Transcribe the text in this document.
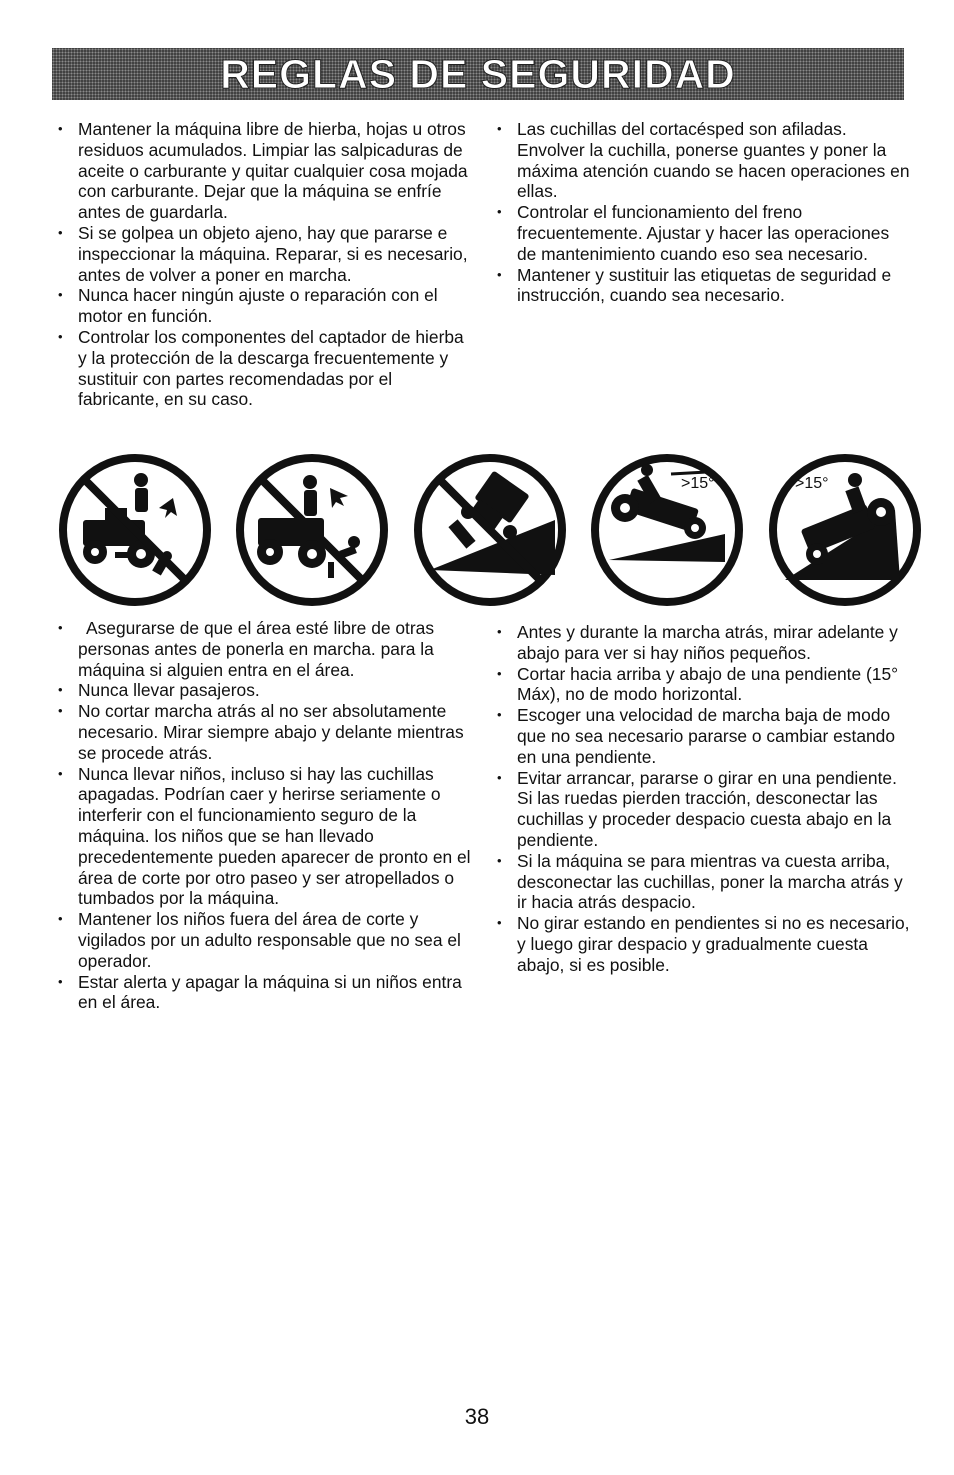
REGLAS DE SEGURIDAD
• Mantener la máquina libre de hierba, hojas u otros residuos acumulados. Limpiar las salpicaduras de aceite o carburante y quitar cualquier cosa mojada con carburante. Dejar que la máquina se enfríe antes de guardarla.
• Si se golpea un objeto ajeno, hay que pararse e inspeccionar la máquina. Reparar, si es necesario, antes de volver a poner en marcha.
• Nunca hacer ningún ajuste o reparación con el motor en función.
• Controlar los componentes del captador de hierba y la protección de la descarga frecuentemente y sustituir con partes recomendadas por el fabricante, en su caso.
• Las cuchillas del cortacésped son afiladas. Envolver la cuchilla, ponerse guantes y poner la máxima atención cuando se hacen operaciones en ellas.
• Controlar el funcionamiento del freno frecuentemente. Ajustar y hacer las operaciones de mantenimiento cuando eso sea necesario.
• Mantener y sustituir las etiquetas de seguridad e instrucción, cuando sea necesario.
>15°	>15°
• Asegurarse de que el área esté libre de otras personas antes de ponerla en marcha. para la máquina si alguien entra en el área.
• Nunca llevar pasajeros.
• No cortar marcha atrás al no ser absolutamente necesario. Mirar siempre abajo y delante mientras se procede atrás.
• Nunca llevar niños, incluso si hay las cuchillas apagadas. Podrían caer y herirse seriamente o interferir con el funcionamiento seguro de la máquina. los niños que se han llevado precedentemente pueden aparecer de pronto en el área de corte por otro paseo y ser atropellados o tumbados por la máquina.
• Mantener los niños fuera del área de corte y vigilados por un adulto responsable que no sea el operador.
• Estar alerta y apagar la máquina si un niños entra en el área.
• Antes y durante la marcha atrás, mirar adelante y abajo para ver si hay niños pequeños.
• Cortar hacia arriba y abajo de una pendiente (15° Máx), no de modo horizontal.
• Escoger una velocidad de marcha baja de modo que no sea necesario pararse o cambiar estando en una pendiente.
• Evitar arrancar, pararse o girar en una pendiente. Si las ruedas pierden tracción, desconectar las cuchillas y proceder despacio cuesta abajo en la pendiente.
• Si la máquina se para mientras va cuesta arriba, desconectar las cuchillas, poner la marcha atrás y ir hacia atrás despacio.
• No girar estando en pendientes si no es necesario, y luego girar despacio y gradualmente cuesta abajo, si es posible.
38
